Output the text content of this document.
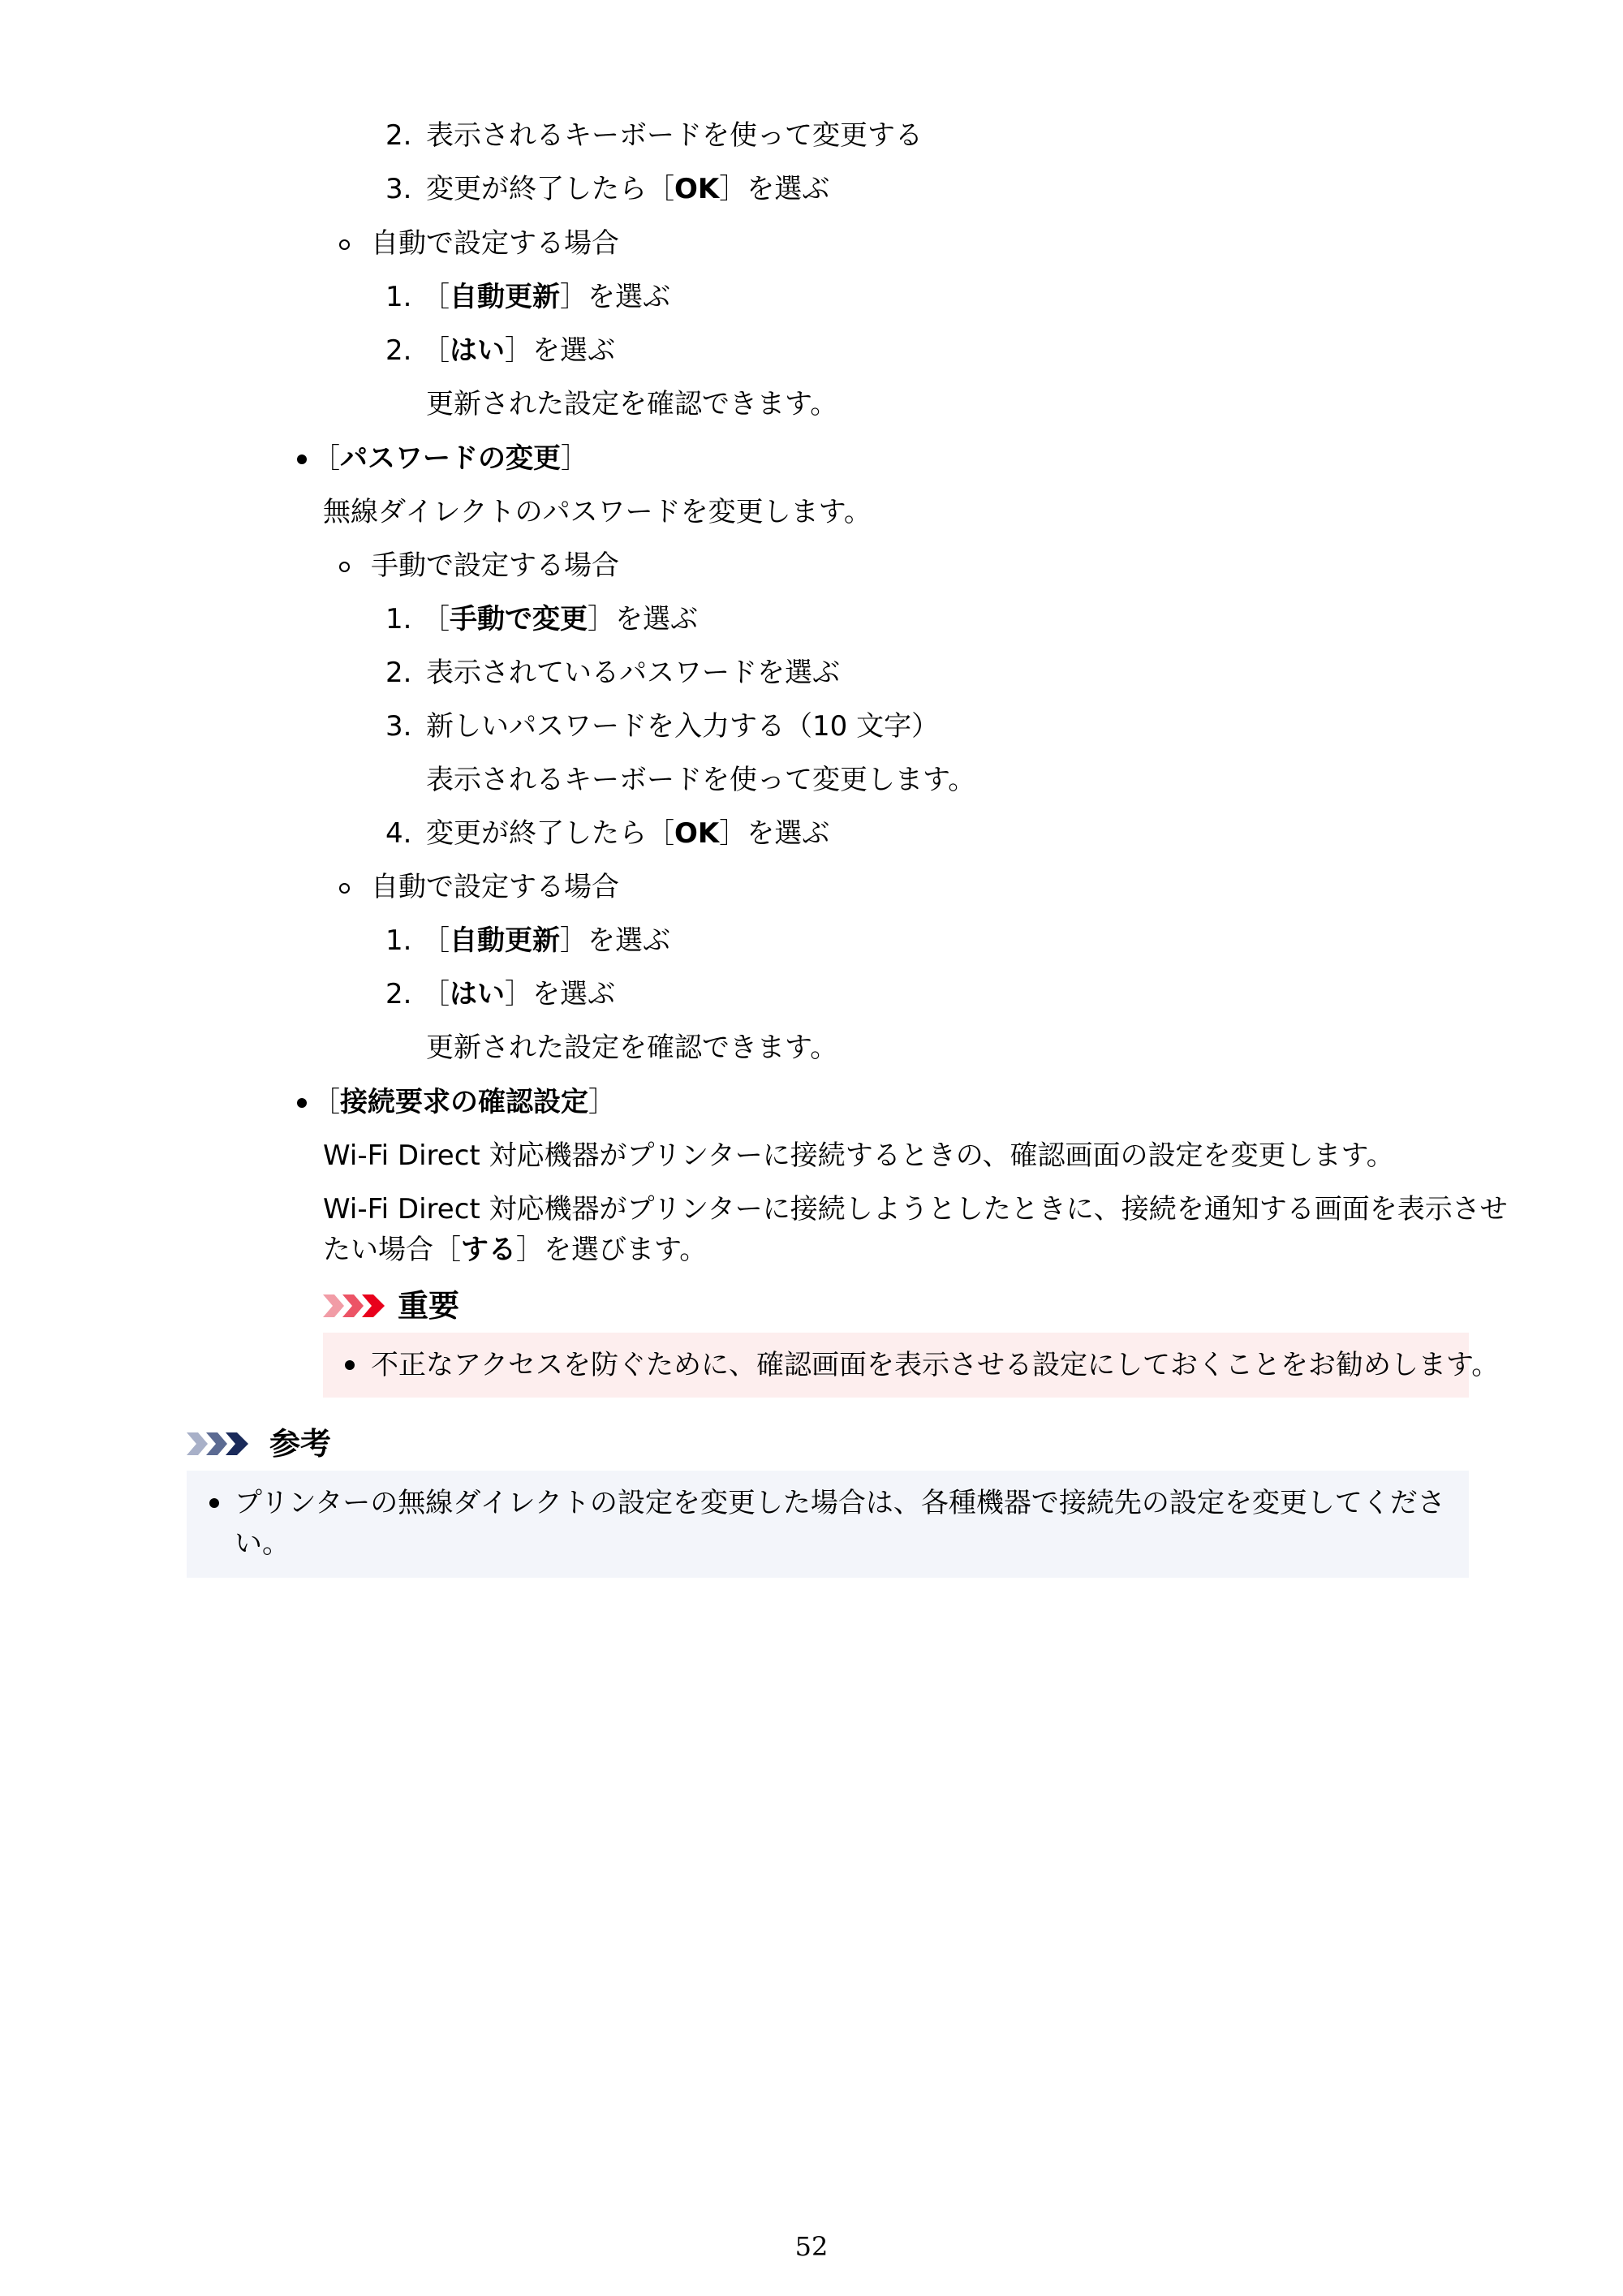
2. 表示されるキーボードを使って変更する
3. 変更が終了したら［OK］を選ぶ
自動で設定する場合
1. ［自動更新］を選ぶ
2. ［はい］を選ぶ
更新された設定を確認できます。
［パスワードの変更］
無線ダイレクトのパスワードを変更します。
手動で設定する場合
1. ［手動で変更］を選ぶ
2. 表示されているパスワードを選ぶ
3. 新しいパスワードを入力する（10 文字）
表示されるキーボードを使って変更します。
4. 変更が終了したら［OK］を選ぶ
自動で設定する場合
1. ［自動更新］を選ぶ
2. ［はい］を選ぶ
更新された設定を確認できます。
［接続要求の確認設定］
Wi-Fi Direct 対応機器がプリンターに接続するときの、確認画面の設定を変更します。
Wi-Fi Direct 対応機器がプリンターに接続しようとしたときに、接続を通知する画面を表示させ
たい場合［する］を選びます。
重要
不正なアクセスを防ぐために、確認画面を表示させる設定にしておくことをお勧めします。
参考
プリンターの無線ダイレクトの設定を変更した場合は、各種機器で接続先の設定を変更してくださ
い。
52
